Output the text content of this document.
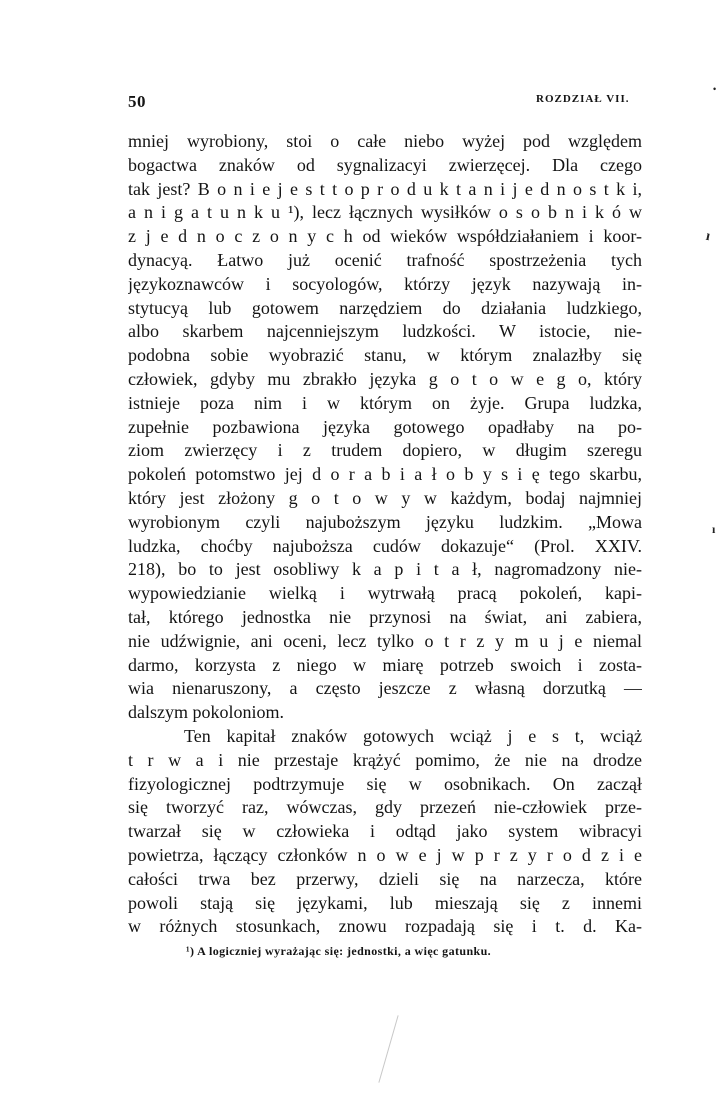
50	ROZDZIAŁ VII.
mniej wyrobiony, stoi o całe niebo wyżej pod względem
bogactwa znaków od sygnalizacyi zwierzęcej. Dla czego
tak jest? B o n i e j e s t t o p r o d u k t a n i j e d n o s t k i,
a n i g a t u n k u ¹), lecz łącznych wysiłków o s o b n i k ó w
z j e d n o c z o n y c h od wieków współdziałaniem i koor-
dynacyą. Łatwo już ocenić trafność spostrzeżenia tych
językoznawców i socyologów, którzy język nazywają in-
stytucyą lub gotowem narzędziem do działania ludzkiego,
albo skarbem najcenniejszym ludzkości. W istocie, nie-
podobna sobie wyobrazić stanu, w którym znalazłby się
człowiek, gdyby mu zbrakło języka g o t o w e g o, który
istnieje poza nim i w którym on żyje. Grupa ludzka,
zupełnie pozbawiona języka gotowego opadłaby na po-
ziom zwierzęcy i z trudem dopiero, w długim szeregu
pokoleń potomstwo jej d o r a b i a ł o b y s i ę tego skarbu,
który jest złożony g o t o w y w każdym, bodaj najmniej
wyrobionym czyli najuboższym języku ludzkim. „Mowa
ludzka, choćby najuboższa cudów dokazuje“ (Prol. XXIV.
218), bo to jest osobliwy k a p i t a ł, nagromadzony nie-
wypowiedzianie wielką i wytrwałą pracą pokoleń, kapi-
tał, którego jednostka nie przynosi na świat, ani zabiera,
nie udźwignie, ani oceni, lecz tylko o t r z y m u j e niemal
darmo, korzysta z niego w miarę potrzeb swoich i zosta-
wia nienaruszony, a często jeszcze z własną dorzutką —
dalszym pokoloniom.
Ten kapitał znaków gotowych wciąż j e s t, wciąż
t r w a i nie przestaje krążyć pomimo, że nie na drodze
fizyologicznej podtrzymuje się w osobnikach. On zaczął
się tworzyć raz, wówczas, gdy przezeń nie-człowiek prze-
twarzał się w człowieka i odtąd jako system wibracyi
powietrza, łączący członków n o w e j w p r z y r o d z i e
całości trwa bez przerwy, dzieli się na narzecza, które
powoli stają się językami, lub mieszają się z innemi
w różnych stosunkach, znowu rozpadają się i t. d. Ka-
¹) A logiczniej wyrażając się: jednostki, a więc gatunku.
ı
ı
•
